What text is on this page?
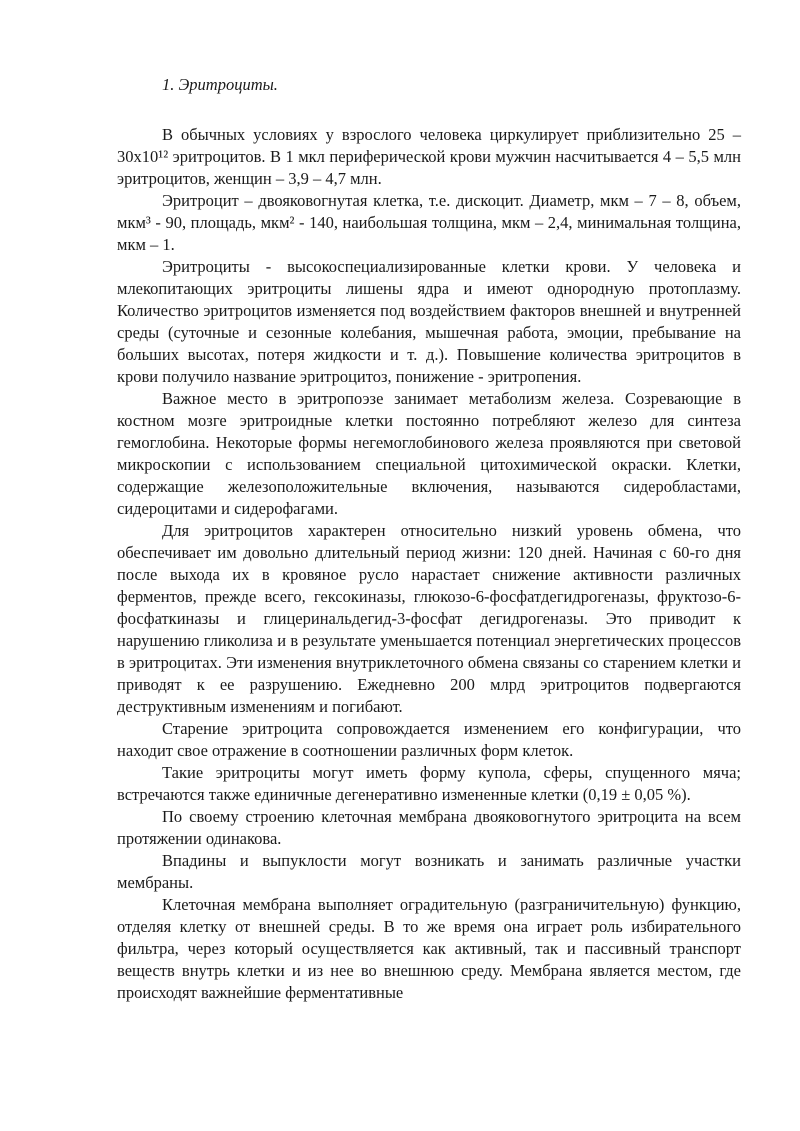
1. Эритроциты.

В обычных условиях у взрослого человека циркулирует приблизительно 25 – 30х10¹² эритроцитов. В 1 мкл периферической крови мужчин насчитывается 4 – 5,5 млн эритроцитов, женщин – 3,9 – 4,7 млн.

Эритроцит – двояковогнутая клетка, т.е. дискоцит. Диаметр, мкм – 7 – 8, объем, мкм³ - 90, площадь, мкм² - 140, наибольшая толщина, мкм – 2,4, минимальная толщина, мкм – 1.

Эритроциты - высокоспециализированные клетки крови. У человека и млекопитающих эритроциты лишены ядра и имеют однородную протоплазму. Количество эритроцитов изменяется под воздействием факторов внешней и внутренней среды (суточные и сезонные колебания, мышечная работа, эмоции, пребывание на больших высотах, потеря жидкости и т. д.). Повышение количества эритроцитов в крови получило название эритроцитоз, понижение - эритропения.

Важное место в эритропоэзе занимает метаболизм железа. Созревающие в костном мозге эритроидные клетки постоянно потребляют железо для синтеза гемоглобина. Некоторые формы негемоглобинового железа проявляются при световой микроскопии с использованием специальной цитохимической окраски. Клетки, содержащие железоположительные включения, называются сидеробластами, сидероцитами и сидерофагами.

Для эритроцитов характерен относительно низкий уровень обмена, что обеспечивает им довольно длительный период жизни: 120 дней. Начиная с 60-го дня после выхода их в кровяное русло нарастает снижение активности различных ферментов, прежде всего, гексокиназы, глюкозо-6-фосфатдегидрогеназы, фруктозо-6-фосфаткиназы и глицеринальдегид-3-фосфат дегидрогеназы. Это приводит к нарушению гликолиза и в результате уменьшается потенциал энергетических процессов в эритроцитах. Эти изменения внутриклеточного обмена связаны со старением клетки и приводят к ее разрушению. Ежедневно 200 млрд эритроцитов подвергаются деструктивным изменениям и погибают.

Старение эритроцита сопровождается изменением его конфигурации, что находит свое отражение в соотношении различных форм клеток.

Такие эритроциты могут иметь форму купола, сферы, спущенного мяча; встречаются также единичные дегенеративно измененные клетки (0,19 ± 0,05 %).

По своему строению клеточная мембрана двояковогнутого эритроцита на всем протяжении одинакова.

Впадины и выпуклости могут возникать и занимать различные участки мембраны.

Клеточная мембрана выполняет оградительную (разграничительную) функцию, отделяя клетку от внешней среды. В то же время она играет роль избирательного фильтра, через который осуществляется как активный, так и пассивный транспорт веществ внутрь клетки и из нее во внешнюю среду. Мембрана является местом, где происходят важнейшие ферментативные
